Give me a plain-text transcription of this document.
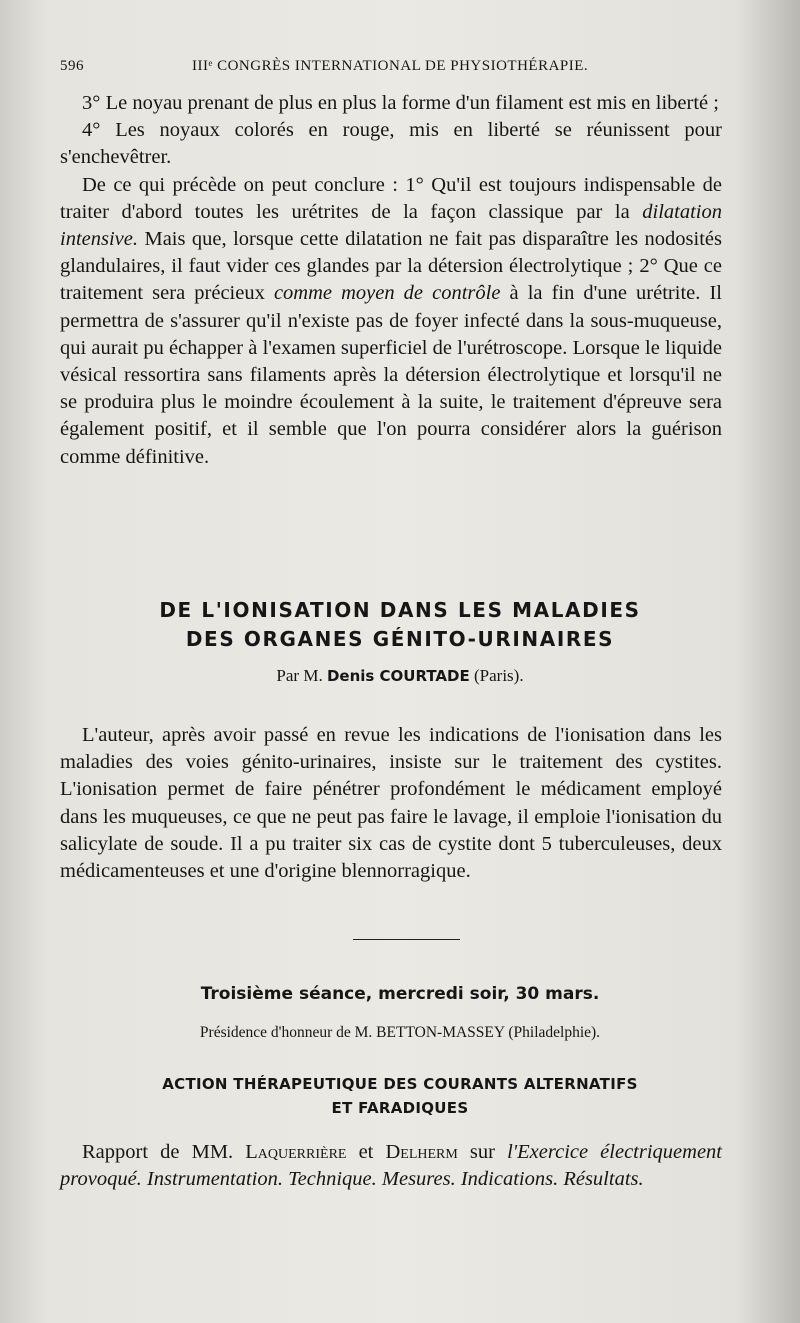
596	IIIᵉ CONGRÈS INTERNATIONAL DE PHYSIOTHÉRAPIE.

3° Le noyau prenant de plus en plus la forme d'un filament est mis en liberté ;

4° Les noyaux colorés en rouge, mis en liberté se réunissent pour s'enchevêtrer.

De ce qui précède on peut conclure : 1° Qu'il est toujours indispensable de traiter d'abord toutes les urétrites de la façon classique par la dilatation intensive. Mais que, lorsque cette dilatation ne fait pas disparaître les nodosités glandulaires, il faut vider ces glandes par la détersion électrolytique ; 2° Que ce traitement sera précieux comme moyen de contrôle à la fin d'une urétrite. Il permettra de s'assurer qu'il n'existe pas de foyer infecté dans la sous-muqueuse, qui aurait pu échapper à l'examen superficiel de l'urétroscope. Lorsque le liquide vésical ressortira sans filaments après la détersion électrolytique et lorsqu'il ne se produira plus le moindre écoulement à la suite, le traitement d'épreuve sera également positif, et il semble que l'on pourra considérer alors la guérison comme définitive.

DE L'IONISATION DANS LES MALADIES
DES ORGANES GÉNITO-URINAIRES
Par M. Denis COURTADE (Paris).

L'auteur, après avoir passé en revue les indications de l'ionisation dans les maladies des voies génito-urinaires, insiste sur le traitement des cystites. L'ionisation permet de faire pénétrer profondément le médicament employé dans les muqueuses, ce que ne peut pas faire le lavage, il emploie l'ionisation du salicylate de soude. Il a pu traiter six cas de cystite dont 5 tuberculeuses, deux médicamenteuses et une d'origine blennorragique.

Troisième séance, mercredi soir, 30 mars.
Présidence d'honneur de M. BETTON-MASSEY (Philadelphie).
ACTION THÉRAPEUTIQUE DES COURANTS ALTERNATIFS
ET FARADIQUES

Rapport de MM. Laquerrière et Delherm sur l'Exercice électriquement provoqué. Instrumentation. Technique. Mesures. Indications. Résultats.
